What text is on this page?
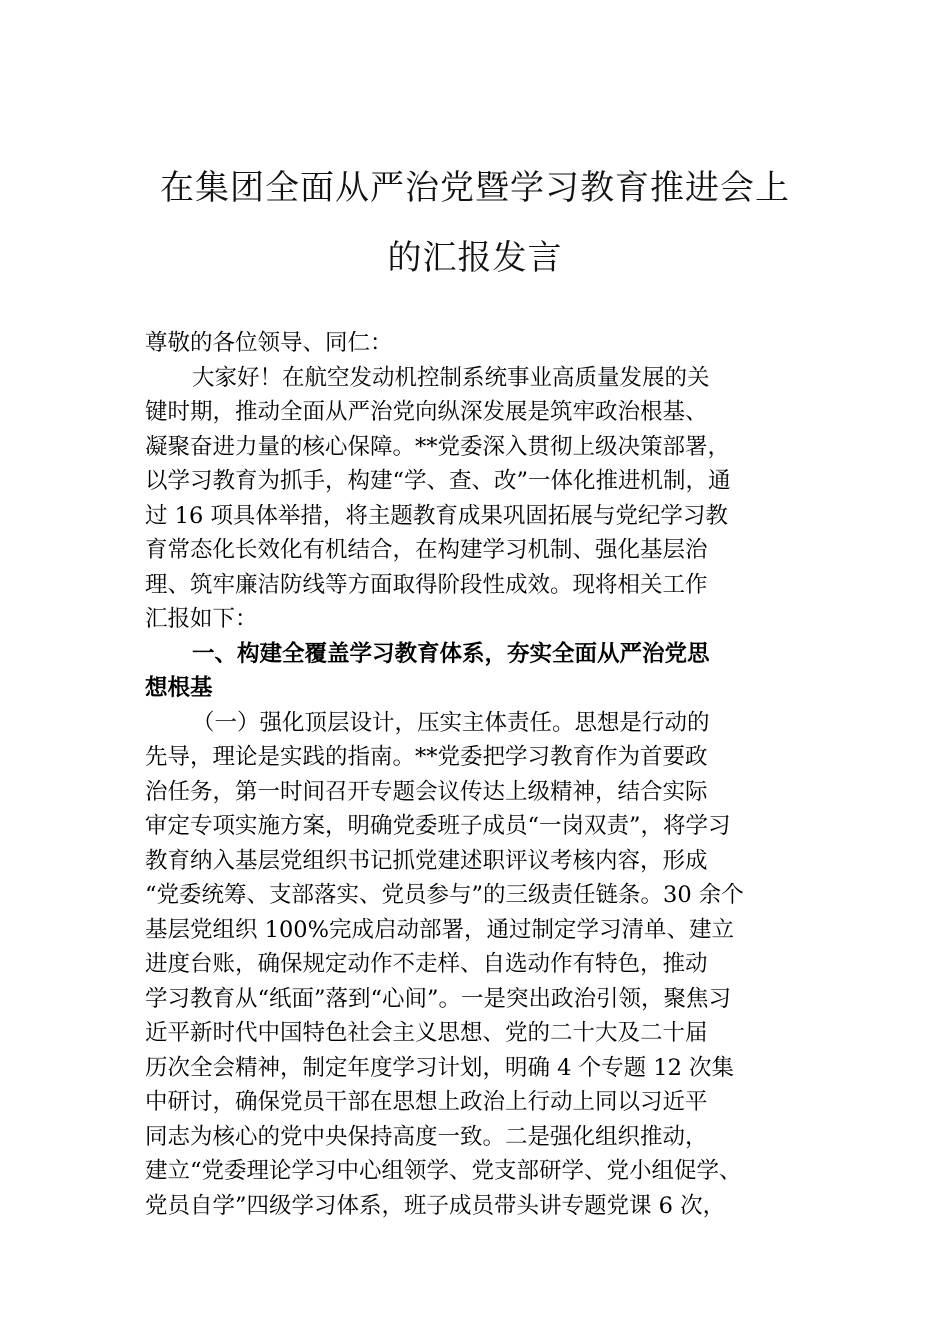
在集团全面从严治党暨学习教育推进会上
的汇报发言
尊敬的各位领导、同仁：
大家好！在航空发动机控制系统事业高质量发展的关
键时期，推动全面从严治党向纵深发展是筑牢政治根基、
凝聚奋进力量的核心保障。**党委深入贯彻上级决策部署，
以学习教育为抓手，构建“学、查、改”一体化推进机制，通
过 16 项具体举措，将主题教育成果巩固拓展与党纪学习教
育常态化长效化有机结合，在构建学习机制、强化基层治
理、筑牢廉洁防线等方面取得阶段性成效。现将相关工作
汇报如下：
一、构建全覆盖学习教育体系，夯实全面从严治党思
想根基
（一）强化顶层设计，压实主体责任。思想是行动的
先导，理论是实践的指南。**党委把学习教育作为首要政
治任务，第一时间召开专题会议传达上级精神，结合实际
审定专项实施方案，明确党委班子成员“一岗双责”，将学习
教育纳入基层党组织书记抓党建述职评议考核内容，形成
“党委统筹、支部落实、党员参与”的三级责任链条。30 余个
基层党组织 100%完成启动部署，通过制定学习清单、建立
进度台账，确保规定动作不走样、自选动作有特色，推动
学习教育从“纸面”落到“心间”。一是突出政治引领，聚焦习
近平新时代中国特色社会主义思想、党的二十大及二十届
历次全会精神，制定年度学习计划，明确 4 个专题 12 次集
中研讨，确保党员干部在思想上政治上行动上同以习近平
同志为核心的党中央保持高度一致。二是强化组织推动，
建立“党委理论学习中心组领学、党支部研学、党小组促学、
党员自学”四级学习体系，班子成员带头讲专题党课 6 次，
